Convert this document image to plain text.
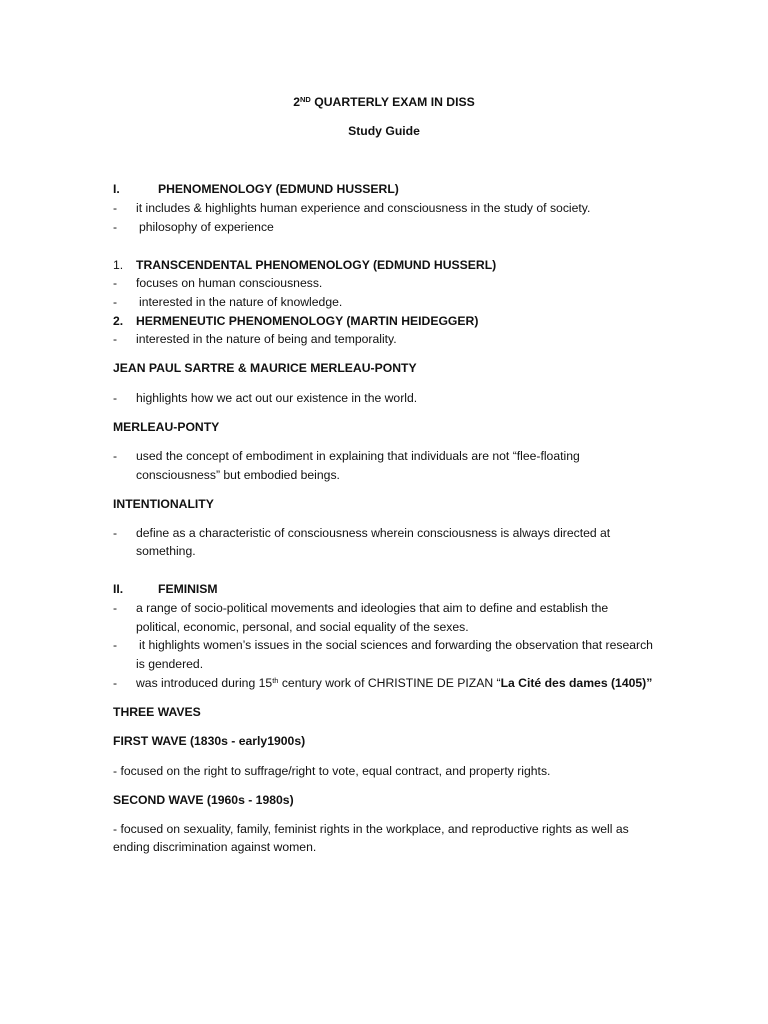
2ND QUARTERLY EXAM IN DISS
Study Guide
I.	PHENOMENOLOGY (EDMUND HUSSERL)
- it includes & highlights human experience and consciousness in the study of society.
- philosophy of experience
1. TRANSCENDENTAL PHENOMENOLOGY (EDMUND HUSSERL)
- focuses on human consciousness.
- interested in the nature of knowledge.
2. HERMENEUTIC PHENOMENOLOGY (MARTIN HEIDEGGER)
- interested in the nature of being and temporality.
JEAN PAUL SARTRE & MAURICE MERLEAU-PONTY
- highlights how we act out our existence in the world.
MERLEAU-PONTY
- used the concept of embodiment in explaining that individuals are not “flee-floating
consciousness” but embodied beings.
INTENTIONALITY
- define as a characteristic of consciousness wherein consciousness is always directed at
something.
II.	FEMINISM
- a range of socio-political movements and ideologies that aim to define and establish the
political, economic, personal, and social equality of the sexes.
- it highlights women’s issues in the social sciences and forwarding the observation that research
is gendered.
- was introduced during 15th century work of CHRISTINE DE PIZAN “La Cité des dames (1405)”
THREE WAVES
FIRST WAVE (1830s - early1900s)
- focused on the right to suffrage/right to vote, equal contract, and property rights.
SECOND WAVE (1960s - 1980s)
- focused on sexuality, family, feminist rights in the workplace, and reproductive rights as well as
ending discrimination against women.
